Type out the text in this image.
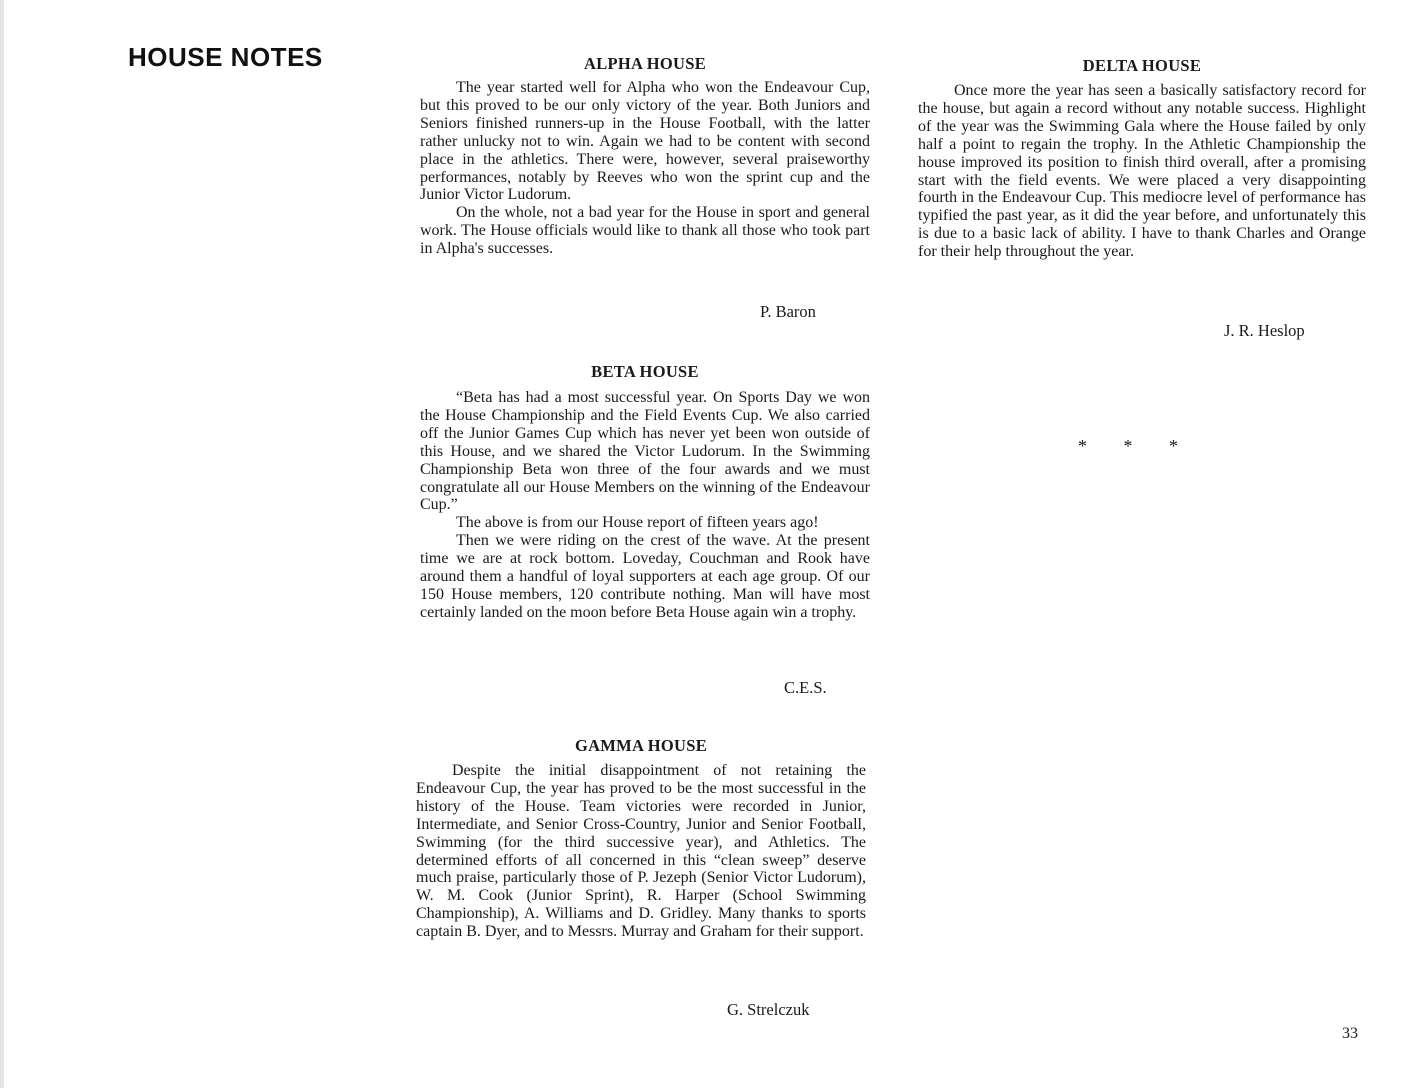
HOUSE NOTES	ALPHA HOUSE

The year started well for Alpha who won the Endeavour Cup, but this proved to be our only victory of the year. Both Juniors and Seniors finished runners-up in the House Football, with the latter rather unlucky not to win. Again we had to be content with second place in the athletics. There were, however, several praiseworthy performances, notably by Reeves who won the sprint cup and the Junior Victor Ludorum.

On the whole, not a bad year for the House in sport and general work. The House officials would like to thank all those who took part in Alpha's successes.

P. Baron

BETA HOUSE

“Beta has had a most successful year. On Sports Day we won the House Championship and the Field Events Cup. We also carried off the Junior Games Cup which has never yet been won outside of this House, and we shared the Victor Ludorum. In the Swimming Championship Beta won three of the four awards and we must congratulate all our House Members on the winning of the Endeavour Cup.”

The above is from our House report of fifteen years ago!

Then we were riding on the crest of the wave. At the present time we are at rock bottom. Loveday, Couchman and Rook have around them a handful of loyal supporters at each age group. Of our 150 House members, 120 contribute nothing. Man will have most certainly landed on the moon before Beta House again win a trophy.

C.E.S.

GAMMA HOUSE

Despite the initial disappointment of not retaining the Endeavour Cup, the year has proved to be the most successful in the history of the House. Team victories were recorded in Junior, Intermediate, and Senior Cross-Country, Junior and Senior Football, Swimming (for the third successive year), and Athletics. The determined efforts of all concerned in this “clean sweep” deserve much praise, particularly those of P. Jezeph (Senior Victor Ludorum), W. M. Cook (Junior Sprint), R. Harper (School Swimming Championship), A. Williams and D. Gridley. Many thanks to sports captain B. Dyer, and to Messrs. Murray and Graham for their support.

G. Strelczuk

DELTA HOUSE

Once more the year has seen a basically satisfactory record for the house, but again a record without any notable success. Highlight of the year was the Swimming Gala where the House failed by only half a point to regain the trophy. In the Athletic Championship the house improved its position to finish third overall, after a promising start with the field events. We were placed a very disappointing fourth in the Endeavour Cup. This mediocre level of performance has typified the past year, as it did the year before, and unfortunately this is due to a basic lack of ability. I have to thank Charles and Orange for their help throughout the year.

J. R. Heslop

* * *

33
